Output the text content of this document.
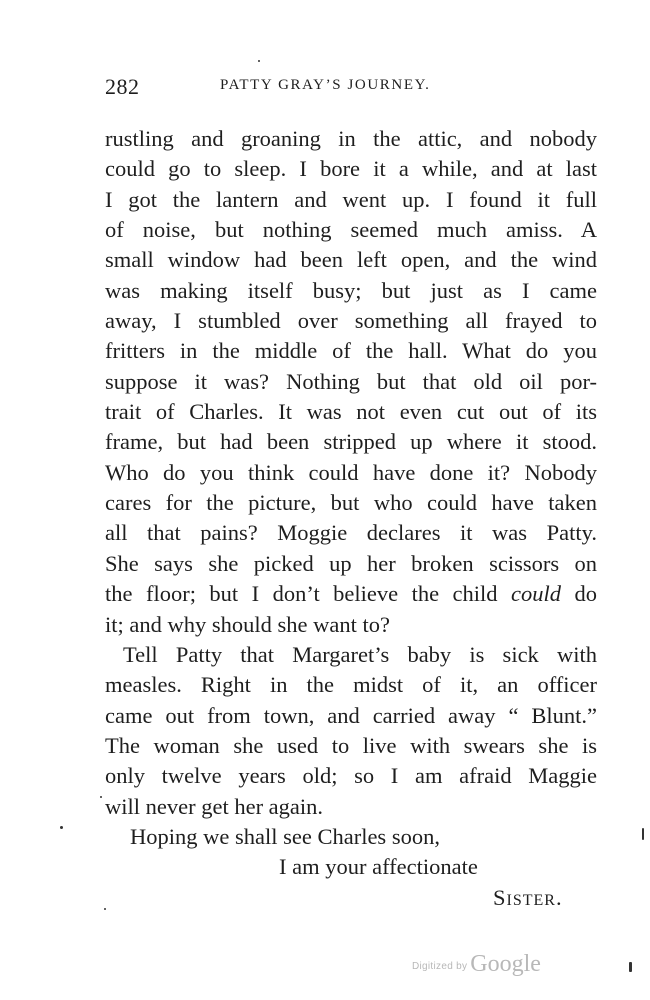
282	PATTY GRAY’S JOURNEY.
rustling and groaning in the attic, and nobody
could go to sleep. I bore it a while, and at last
I got the lantern and went up. I found it full
of noise, but nothing seemed much amiss. A
small window had been left open, and the wind
was making itself busy; but just as I came
away, I stumbled over something all frayed to
fritters in the middle of the hall. What do you
suppose it was? Nothing but that old oil por-
trait of Charles. It was not even cut out of its
frame, but had been stripped up where it stood.
Who do you think could have done it? Nobody
cares for the picture, but who could have taken
all that pains? Moggie declares it was Patty.
She says she picked up her broken scissors on
the floor; but I don’t believe the child could do
it; and why should she want to?
Tell Patty that Margaret’s baby is sick with
measles. Right in the midst of it, an officer
came out from town, and carried away “ Blunt.”
The woman she used to live with swears she is
only twelve years old; so I am afraid Maggie
will never get her again.
Hoping we shall see Charles soon,
I am your affectionate
Sister.
Digitized by Google
